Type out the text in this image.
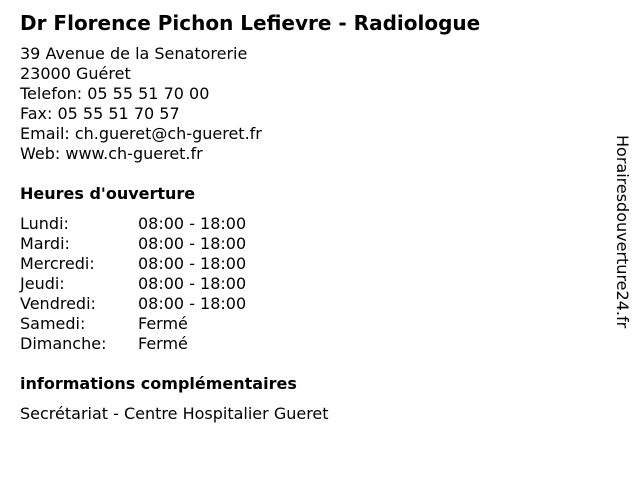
Dr Florence Pichon Lefievre - Radiologue
39 Avenue de la Senatorerie
23000 Guéret
Telefon: 05 55 51 70 00
Fax: 05 55 51 70 57
Email: ch.gueret@ch-gueret.fr
Web: www.ch-gueret.fr
Heures d'ouverture
Lundi:	08:00 - 18:00
Mardi:	08:00 - 18:00
Mercredi:	08:00 - 18:00
Jeudi:	08:00 - 18:00
Vendredi:	08:00 - 18:00
Samedi:	Fermé
Dimanche: Fermé
informations complémentaires
Secrétariat - Centre Hospitalier Gueret
Horairesdouverture24.fr
